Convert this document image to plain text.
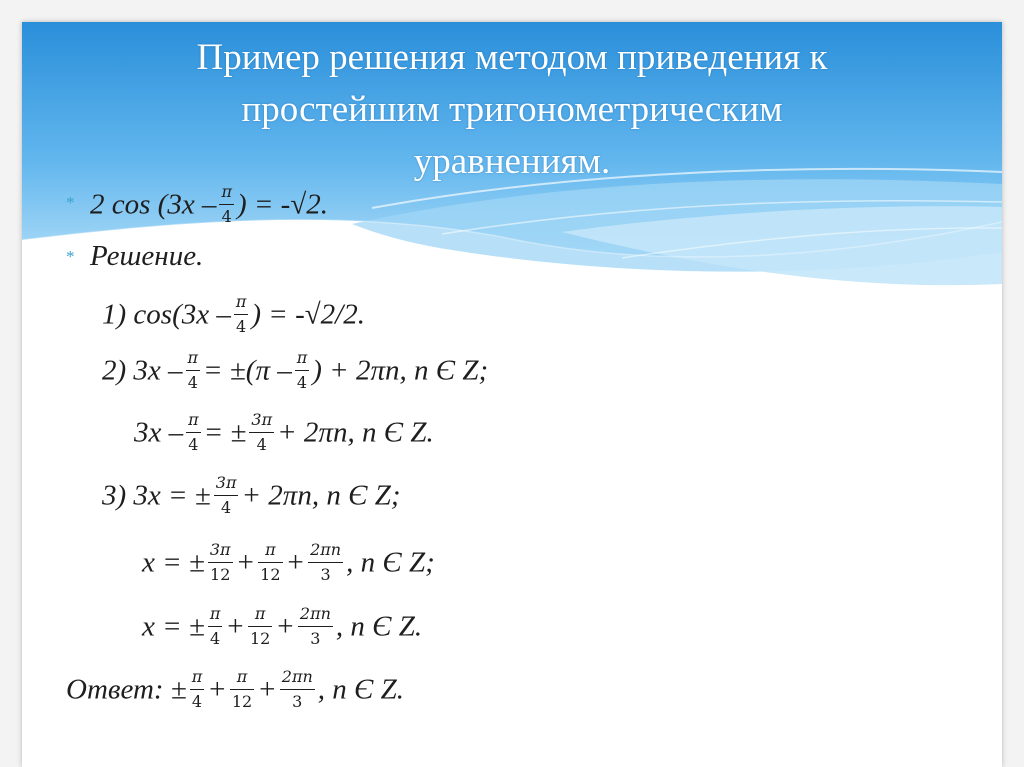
Пример решения методом приведения к
простейшим тригонометрическим
уравнениям.
*
*
2 $\cos (3x - \frac{\pi}{4}$ ) = -√2.
Решение.
1) $\cos(3x - \frac{\pi}{4}$ ) = -√2/2.
2) $3x - \frac{\pi}{4} = \pm(\pi - \frac{\pi}{4}$ ) + 2πn, n Є Z;
$3x - \frac{\pi}{4}$ = ± $\frac{3\pi}{4} + 2\pi n$, n Є Z.
3) 3x = ± $\frac{3\pi}{4} + 2\pi n$, n Є Z;
x = ± $\frac{3\pi}{12} + \frac{\pi}{12} + \frac{2\pi n}{3}$ , n Є Z;
x = ± $\frac{\pi}{4} + \frac{\pi}{12} + \frac{2\pi n}{3}$ , n Є Z.
Ответ: ± $\frac{\pi}{4} + \frac{\pi}{12} + \frac{2\pi n}{3}$ , n Є Z.
